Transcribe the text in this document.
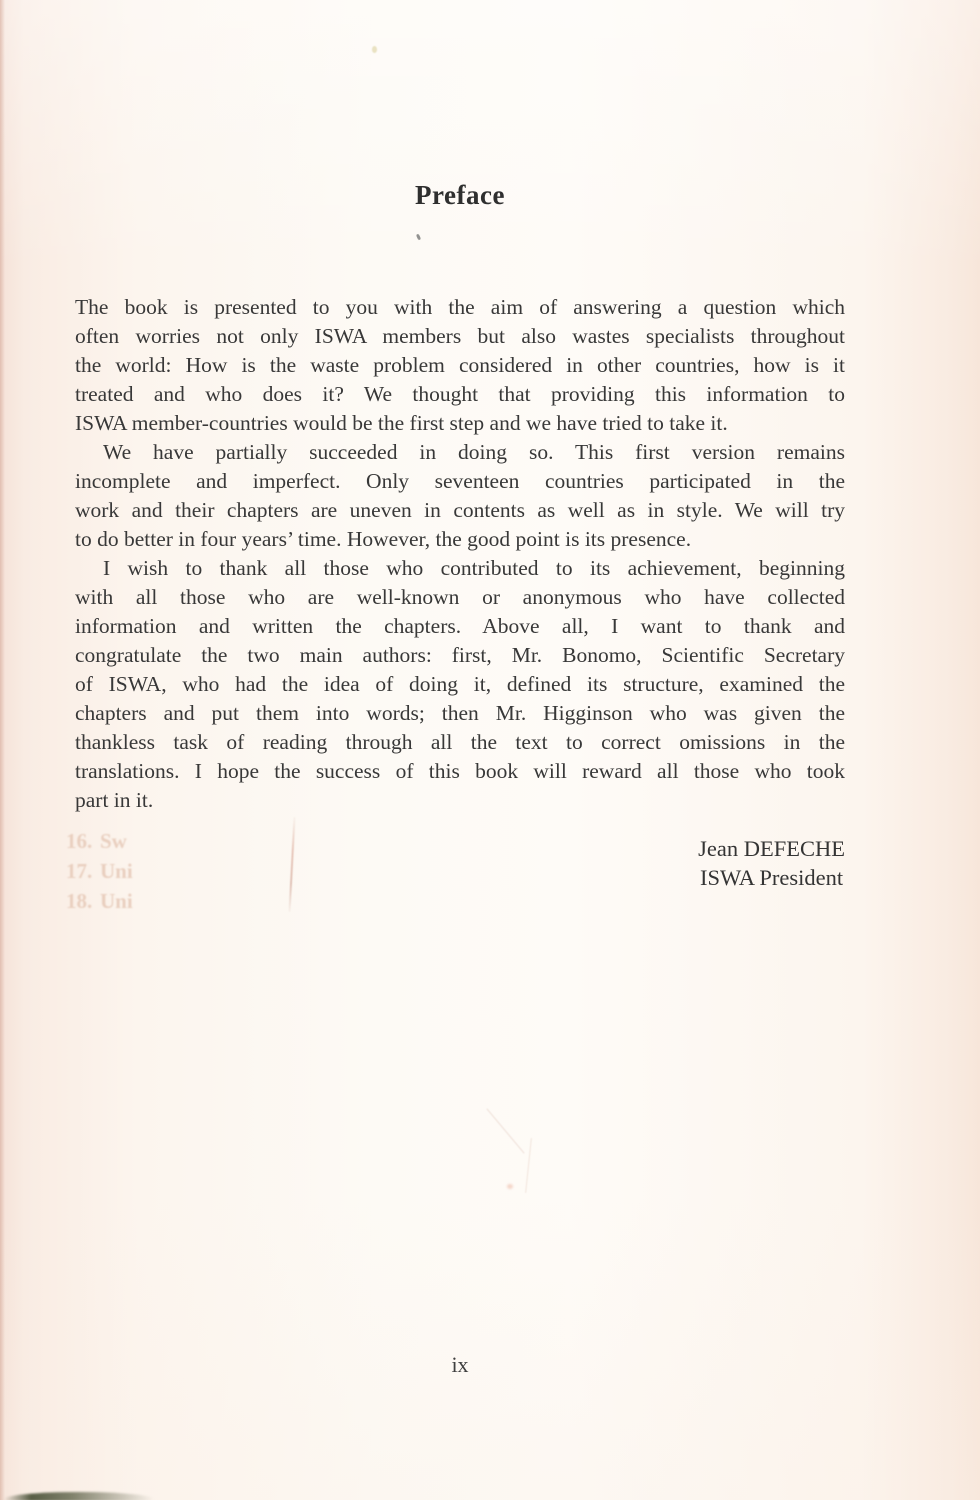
Preface
The book is presented to you with the aim of answering a question which
often worries not only ISWA members but also wastes specialists throughout
the world: How is the waste problem considered in other countries, how is it
treated and who does it? We thought that providing this information to
ISWA member-countries would be the first step and we have tried to take it.
We have partially succeeded in doing so. This first version remains
incomplete and imperfect. Only seventeen countries participated in the
work and their chapters are uneven in contents as well as in style. We will try
to do better in four years’ time. However, the good point is its presence.
I wish to thank all those who contributed to its achievement, beginning
with all those who are well-known or anonymous who have collected
information and written the chapters. Above all, I want to thank and
congratulate the two main authors: first, Mr. Bonomo, Scientific Secretary
of ISWA, who had the idea of doing it, defined its structure, examined the
chapters and put them into words; then Mr. Higginson who was given the
thankless task of reading through all the text to correct omissions in the
translations. I hope the success of this book will reward all those who took
part in it.
16. Sw
17. Uni
18. Uni
Jean DEFECHE
ISWA President
ix
